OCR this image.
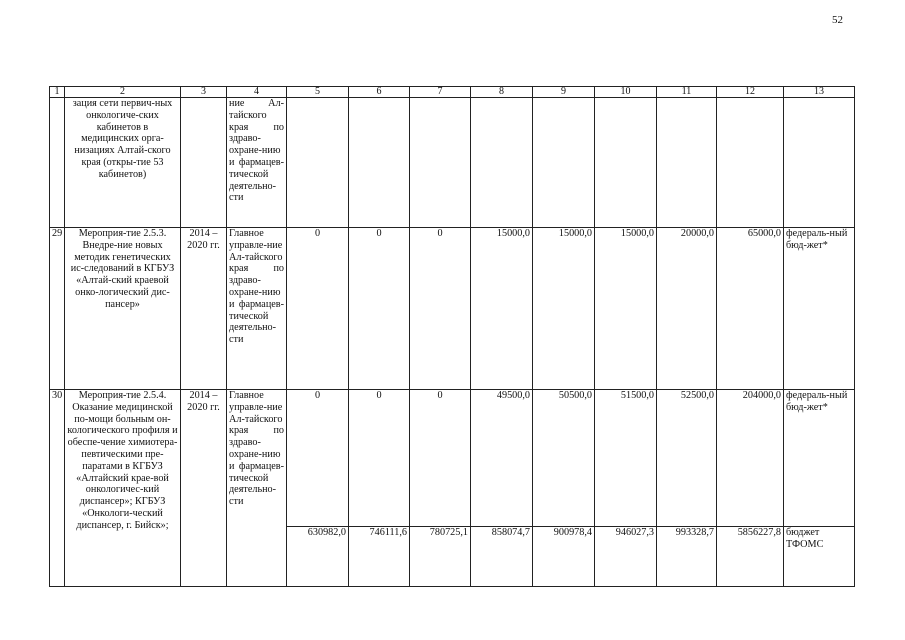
52
1	2	3	4	5	6	7	8	9	10	11	12	13
	зация сети первич-ных онкологиче-ских кабинетов в медицинских орга-низациях Алтай-ского края (откры-тие 53 кабинетов)		ние Ал-тайского края по здраво-охране-нию и фармацев-тической деятельно-сти									
29	Мероприя-тие 2.5.3. Внедре-ние новых методик генетических ис-следований в КГБУЗ «Алтай-ский краевой онко-логический дис-пансер»	2014 – 2020 гг.	Главное управле-ние Ал-тайского края по здраво-охране-нию и фармацев-тической деятельно-сти	0	0	0	15000,0	15000,0	15000,0	20000,0	65000,0	федераль-ный бюд-жет*
30	Мероприя-тие 2.5.4. Оказание медицинской по-мощи больным он-кологического профиля и обеспе-чение химиотера-певтическими пре-паратами в КГБУЗ «Алтайский крае-вой онкологичес-кий диспансер»; КГБУЗ «Онкологи-ческий диспансер, г. Бийск»;	2014 – 2020 гг.	Главное управле-ние Ал-тайского края по здраво-охране-нию и фармацев-тической деятельно-сти	0	0	0	49500,0	50500,0	51500,0	52500,0	204000,0	федераль-ный бюд-жет*
				630982,0	746111,6	780725,1	858074,7	900978,4	946027,3	993328,7	5856227,8	бюджет ТФОМС
